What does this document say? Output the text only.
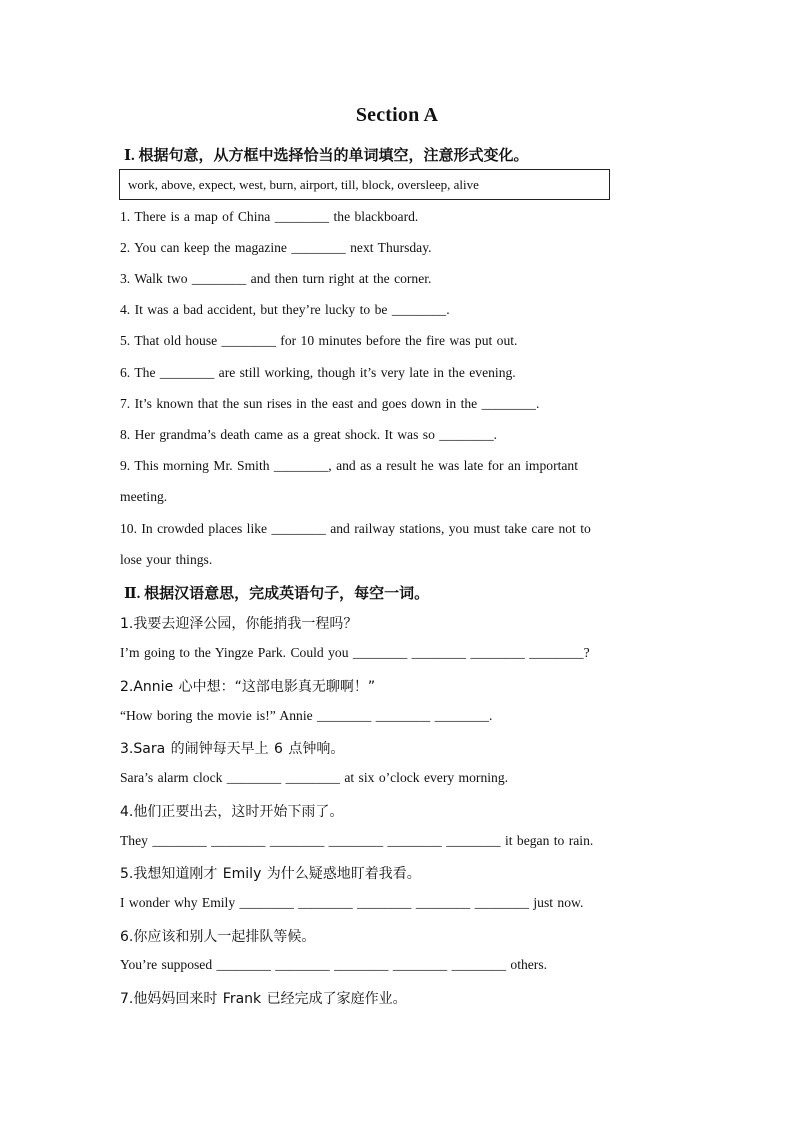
Section A
Ⅰ. 根据句意，从方框中选择恰当的单词填空，注意形式变化。
work, above, expect, west, burn, airport, till, block, oversleep, alive
1. There is a map of China ________ the blackboard.
2. You can keep the magazine ________ next Thursday.
3. Walk two ________ and then turn right at the corner.
4. It was a bad accident, but they’re lucky to be ________.
5. That old house ________ for 10 minutes before the fire was put out.
6. The ________ are still working, though it’s very late in the evening.
7. It’s known that the sun rises in the east and goes down in the ________.
8. Her grandma’s death came as a great shock. It was so ________.
9. This morning Mr. Smith ________, and as a result he was late for an important
meeting.
10. In crowded places like ________ and railway stations, you must take care not to
lose your things.
Ⅱ. 根据汉语意思，完成英语句子，每空一词。
1.我要去迎泽公园，你能捎我一程吗？
I’m going to the Yingze Park. Could you ________ ________ ________ ________?
2.Annie 心中想：“这部电影真无聊啊！”
“How boring the movie is!” Annie ________ ________ ________.
3.Sara 的闹钟每天早上 6 点钟响。
Sara’s alarm clock ________ ________ at six o’clock every morning.
4.他们正要出去，这时开始下雨了。
They ________ ________ ________ ________ ________ ________ it began to rain.
5.我想知道刚才 Emily 为什么疑惑地盯着我看。
I wonder why Emily ________ ________ ________ ________ ________ just now.
6.你应该和别人一起排队等候。
You’re supposed ________ ________ ________ ________ ________ others.
7.他妈妈回来时 Frank 已经完成了家庭作业。
